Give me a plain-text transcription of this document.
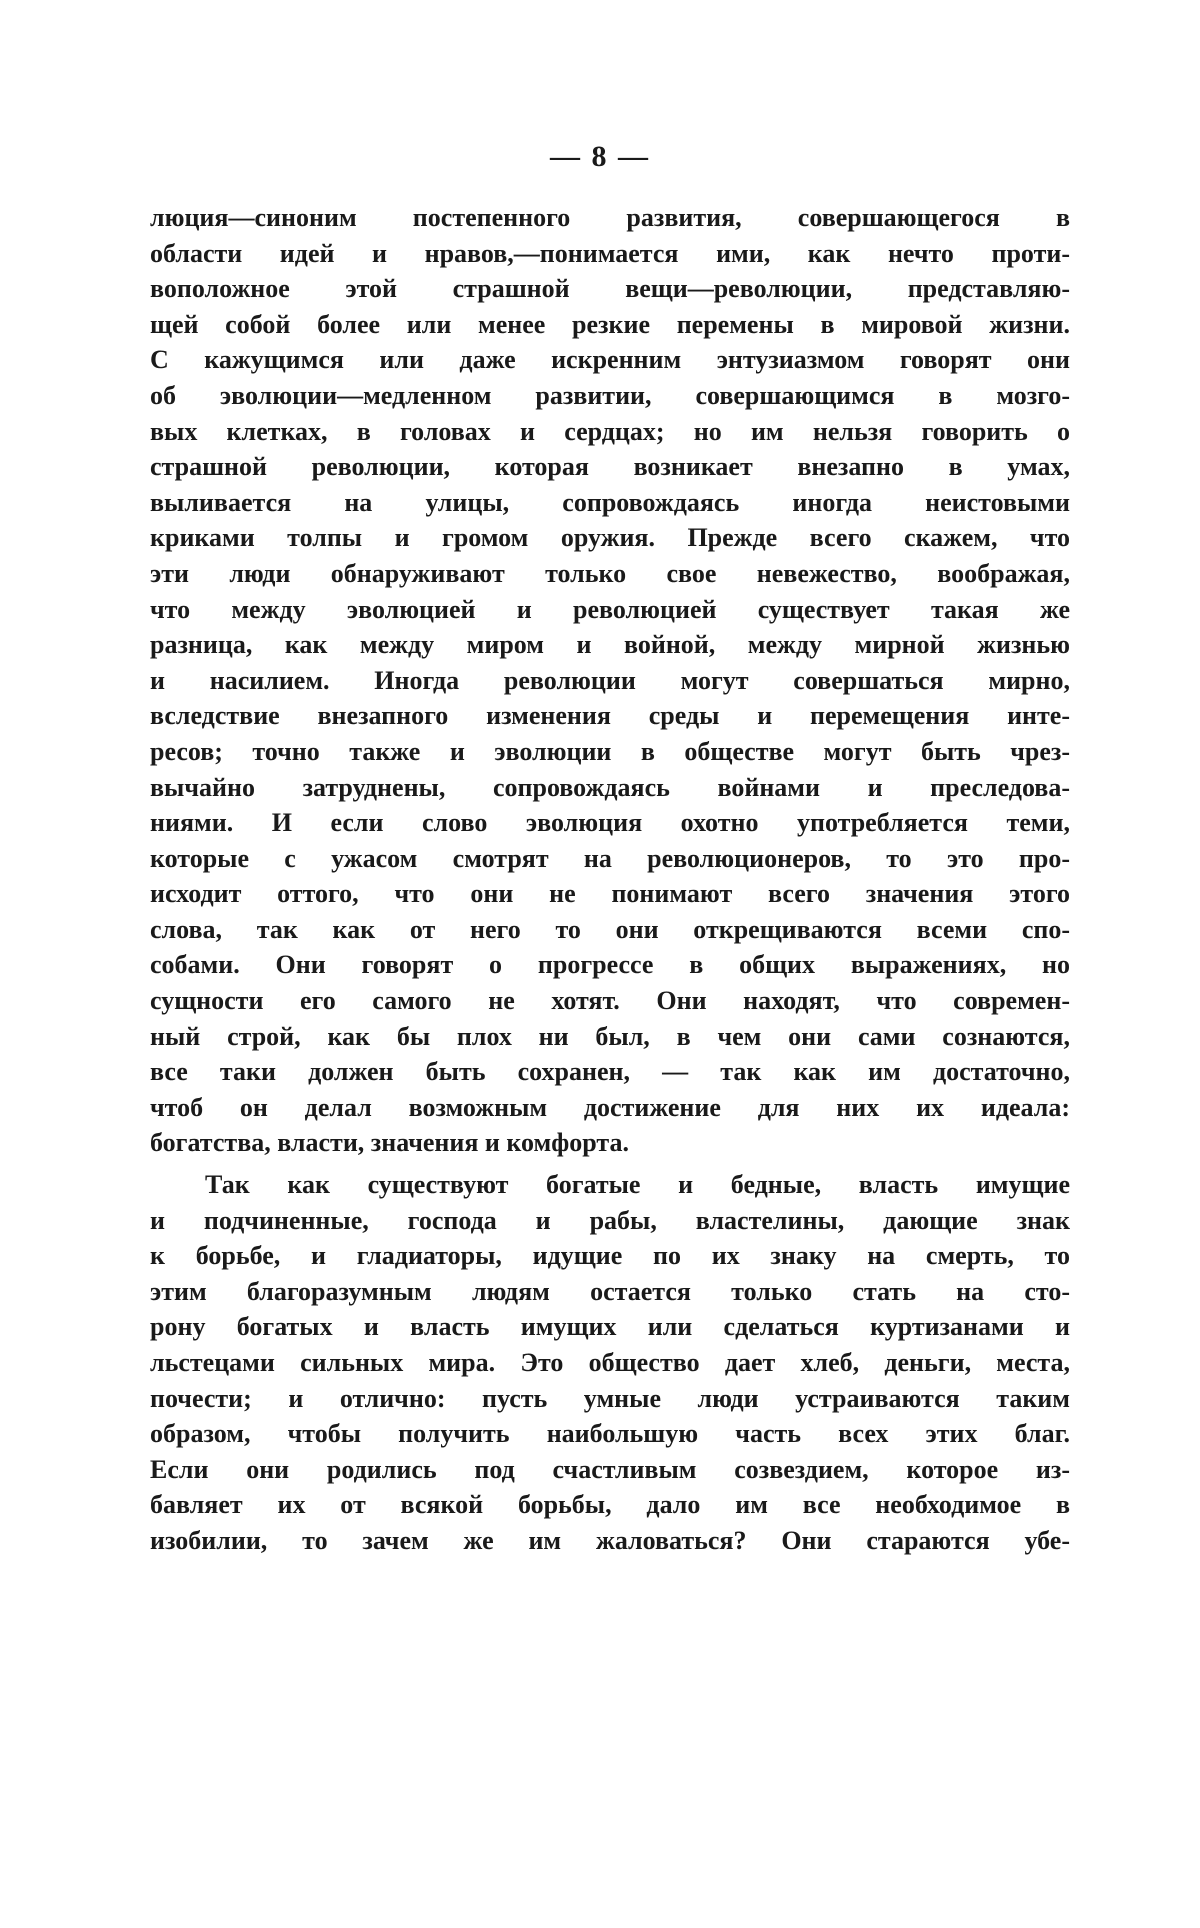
— 8 —
люция—синоним постепенного развития, совершающегося в
области идей и нравов,—понимается ими, как нечто проти-
воположное этой страшной вещи—революции, представляю-
щей собой более или менее резкие перемены в мировой жизни.
С кажущимся или даже искренним энтузиазмом говорят они
об эволюции—медленном развитии, совершающимся в мозго-
вых клетках, в головах и сердцах; но им нельзя говорить о
страшной революции, которая возникает внезапно в умах,
выливается на улицы, сопровождаясь иногда неистовыми
криками толпы и громом оружия. Прежде всего скажем, что
эти люди обнаруживают только свое невежество, воображая,
что между эволюцией и революцией существует такая же
разница, как между миром и войной, между мирной жизнью
и насилием. Иногда революции могут совершаться мирно,
вследствие внезапного изменения среды и перемещения инте-
ресов; точно также и эволюции в обществе могут быть чрез-
вычайно затруднены, сопровождаясь войнами и преследова-
ниями. И если слово эволюция охотно употребляется теми,
которые с ужасом смотрят на революционеров, то это про-
исходит оттого, что они не понимают всего значения этого
слова, так как от него то они открещиваются всеми спо-
собами. Они говорят о прогрессе в общих выражениях, но
сущности его самого не хотят. Они находят, что современ-
ный строй, как бы плох ни был, в чем они сами сознаются,
все таки должен быть сохранен, — так как им достаточно,
чтоб он делал возможным достижение для них их идеала:
богатства, власти, значения и комфорта.
Так как существуют богатые и бедные, власть имущие
и подчиненные, господа и рабы, властелины, дающие знак
к борьбе, и гладиаторы, идущие по их знаку на смерть, то
этим благоразумным людям остается только стать на сто-
рону богатых и власть имущих или сделаться куртизанами и
льстецами сильных мира. Это общество дает хлеб, деньги, места,
почести; и отлично: пусть умные люди устраиваются таким
образом, чтобы получить наибольшую часть всех этих благ.
Если они родились под счастливым созвездием, которое из-
бавляет их от всякой борьбы, дало им все необходимое в
изобилии, то зачем же им жаловаться? Они стараются убе-
